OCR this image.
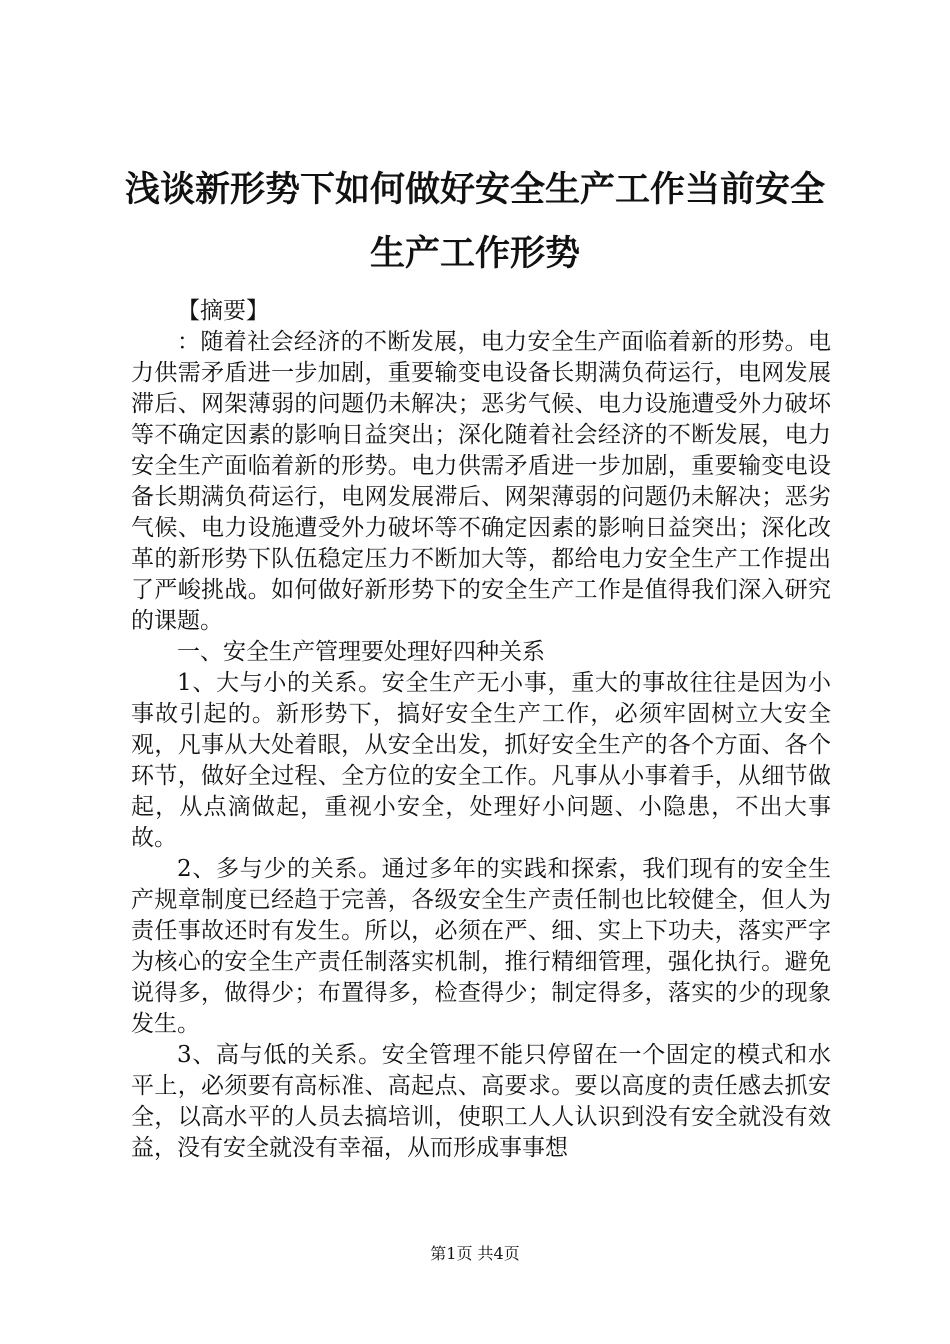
浅谈新形势下如何做好安全生产工作当前安全生产工作形势

【摘要】

：随着社会经济的不断发展，电力安全生产面临着新的形势。电力供需矛盾进一步加剧，重要输变电设备长期满负荷运行，电网发展滞后、网架薄弱的问题仍未解决；恶劣气候、电力设施遭受外力破坏等不确定因素的影响日益突出；深化随着社会经济的不断发展，电力安全生产面临着新的形势。电力供需矛盾进一步加剧，重要输变电设备长期满负荷运行，电网发展滞后、网架薄弱的问题仍未解决；恶劣气候、电力设施遭受外力破坏等不确定因素的影响日益突出；深化改革的新形势下队伍稳定压力不断加大等，都给电力安全生产工作提出了严峻挑战。如何做好新形势下的安全生产工作是值得我们深入研究的课题。

一、安全生产管理要处理好四种关系

1、大与小的关系。安全生产无小事，重大的事故往往是因为小事故引起的。新形势下，搞好安全生产工作，必须牢固树立大安全观，凡事从大处着眼，从安全出发，抓好安全生产的各个方面、各个环节，做好全过程、全方位的安全工作。凡事从小事着手，从细节做起，从点滴做起，重视小安全，处理好小问题、小隐患，不出大事故。

2、多与少的关系。通过多年的实践和探索，我们现有的安全生产规章制度已经趋于完善，各级安全生产责任制也比较健全，但人为责任事故还时有发生。所以，必须在严、细、实上下功夫，落实严字为核心的安全生产责任制落实机制，推行精细管理，强化执行。避免说得多，做得少；布置得多，检查得少；制定得多，落实的少的现象发生。

3、高与低的关系。安全管理不能只停留在一个固定的模式和水平上，必须要有高标准、高起点、高要求。要以高度的责任感去抓安全，以高水平的人员去搞培训，使职工人人认识到没有安全就没有效益，没有安全就没有幸福，从而形成事事想

第1页 共4页
